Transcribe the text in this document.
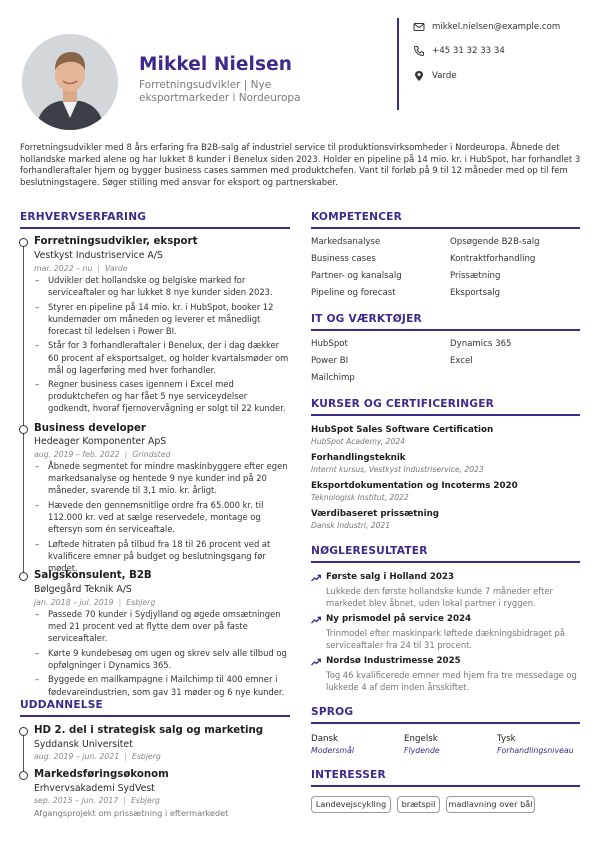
Mikkel Nielsen
Forretningsudvikler | Nye eksportmarkeder i Nordeuropa
mikkel.nielsen@example.com
+45 31 32 33 34
Varde
Forretningsudvikler med 8 års erfaring fra B2B-salg af industriel service til produktionsvirksomheder i Nordeuropa. Åbnede det hollandske marked alene og har lukket 8 kunder i Benelux siden 2023. Holder en pipeline på 14 mio. kr. i HubSpot, har forhandlet 3 forhandleraftaler hjem og bygger business cases sammen med produktchefen. Vant til forløb på 9 til 12 måneder med op til fem beslutningstagere. Søger stilling med ansvar for eksport og partnerskaber.
ERHVERVSERFARING
Forretningsudvikler, eksport
Vestkyst Industriservice A/S
mar. 2022 – nu | Varde
– Udvikler det hollandske og belgiske marked for serviceaftaler og har lukket 8 nye kunder siden 2023.
– Styrer en pipeline på 14 mio. kr. i HubSpot, booker 12 kundemøder om måneden og leverer et månedligt forecast til ledelsen i Power BI.
– Står for 3 forhandleraftaler i Benelux, der i dag dækker 60 procent af eksportsalget, og holder kvartalsmøder om mål og lagerføring med hver forhandler.
– Regner business cases igennem i Excel med produktchefen og har fået 5 nye serviceydelser godkendt, hvoraf fjernovervågning er solgt til 22 kunder.
Business developer
Hedeager Komponenter ApS
aug. 2019 – feb. 2022 | Grindsted
– Åbnede segmentet for mindre maskinbyggere efter egen markedsanalyse og hentede 9 nye kunder ind på 20 måneder, svarende til 3,1 mio. kr. årligt.
– Hævede den gennemsnitlige ordre fra 65.000 kr. til 112.000 kr. ved at sælge reservedele, montage og eftersyn som én serviceaftale.
– Løftede hitraten på tilbud fra 18 til 26 procent ved at kvalificere emner på budget og beslutningsgang før mødet.
Salgskonsulent, B2B
Bølgegård Teknik A/S
jan. 2018 – jul. 2019 | Esbjerg
– Passede 70 kunder i Sydjylland og øgede omsætningen med 21 procent ved at flytte dem over på faste serviceaftaler.
– Kørte 9 kundebesøg om ugen og skrev selv alle tilbud og opfølgninger i Dynamics 365.
– Byggede en mailkampagne i Mailchimp til 400 emner i fødevareindustrien, som gav 31 møder og 6 nye kunder.
UDDANNELSE
HD 2. del i strategisk salg og marketing
Syddansk Universitet
aug. 2019 – jun. 2021 | Esbjerg
Markedsføringsøkonom
Erhvervsakademi SydVest
sep. 2015 – jun. 2017 | Esbjerg
Afgangsprojekt om prissætning i eftermarkedet
KOMPETENCER
Markedsanalyse	Opsøgende B2B-salg
Business cases	Kontraktforhandling
Partner- og kanalsalg	Prissætning
Pipeline og forecast	Eksportsalg
IT OG VÆRKTØJER
HubSpot	Dynamics 365
Power BI	Excel
Mailchimp
KURSER OG CERTIFICERINGER
HubSpot Sales Software Certification
HubSpot Academy, 2024
Forhandlingsteknik
Internt kursus, Vestkyst Industriservice, 2023
Eksportdokumentation og Incoterms 2020
Teknologisk Institut, 2022
Værdibaseret prissætning
Dansk Industri, 2021
NØGLERESULTATER
Første salg i Holland 2023
Lukkede den første hollandske kunde 7 måneder efter markedet blev åbnet, uden lokal partner i ryggen.
Ny prismodel på service 2024
Trinmodel efter maskinpark løftede dækningsbidraget på serviceaftaler fra 24 til 31 procent.
Nordsø Industrimesse 2025
Tog 46 kvalificerede emner med hjem fra tre messedage og lukkede 4 af dem inden årsskiftet.
SPROG
Dansk
Modersmål
Engelsk
Flydende
Tysk
Forhandlingsniveau
INTERESSER
Landevejscykling	brætspil	madlavning over bål
